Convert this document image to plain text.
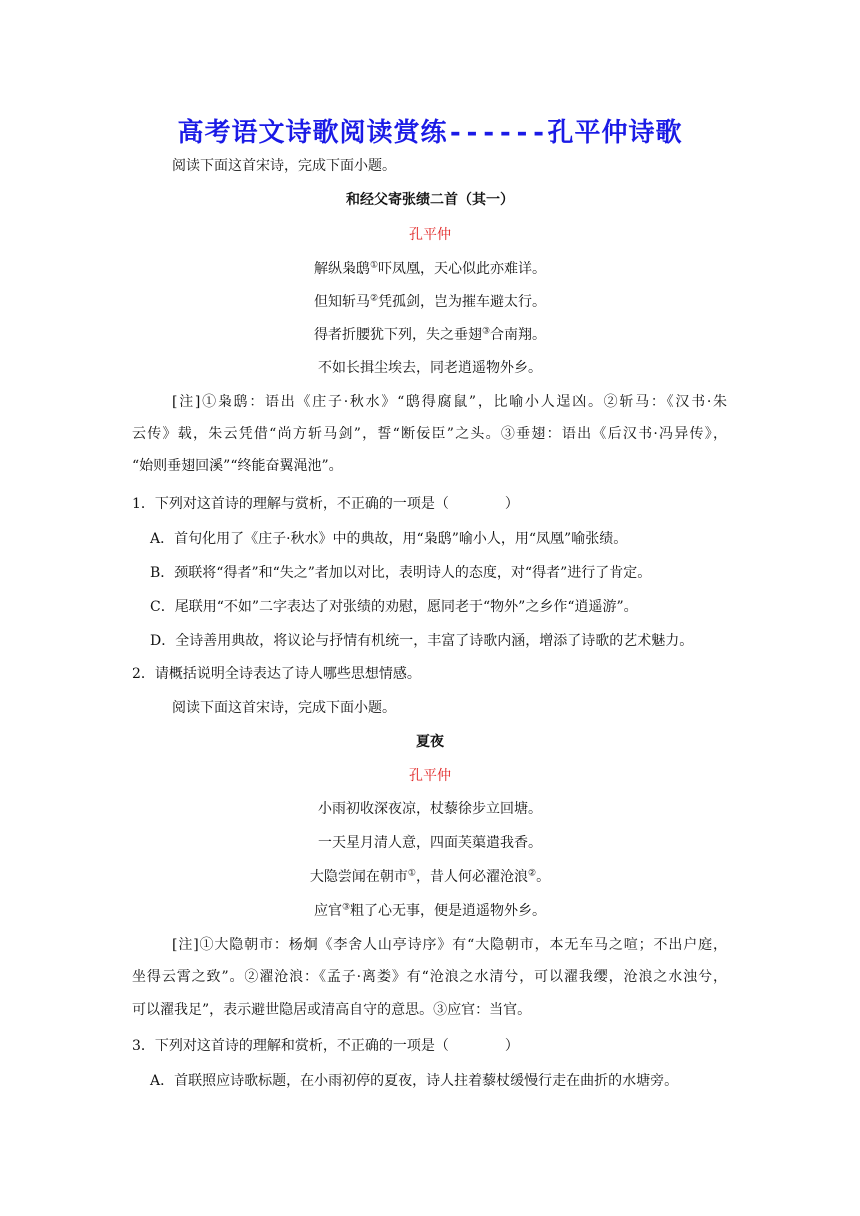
高考语文诗歌阅读赏练------孔平仲诗歌
阅读下面这首宋诗，完成下面小题。
和经父寄张绩二首（其一）
孔平仲
解纵枭鸱①吓凤凰，天心似此亦难详。
但知斩马②凭孤剑，岂为摧车避太行。
得者折腰犹下列，失之垂翅③合南翔。
不如长揖尘埃去，同老逍遥物外乡。
[注]①枭鸱：语出《庄子·秋水》“鸱得腐鼠”，比喻小人逞凶。②斩马：《汉书·朱
云传》载，朱云凭借“尚方斩马剑”，誓“断佞臣”之头。③垂翅：语出《后汉书·冯异传》，
“始则垂翅回溪”“终能奋翼渑池”。
1．下列对这首诗的理解与赏析，不正确的一项是（　　　　）
A．首句化用了《庄子·秋水》中的典故，用“枭鸱”喻小人，用“凤凰”喻张绩。
B．颈联将“得者”和“失之”者加以对比，表明诗人的态度，对“得者”进行了肯定。
C．尾联用“不如”二字表达了对张绩的劝慰，愿同老于“物外”之乡作“逍遥游”。
D．全诗善用典故，将议论与抒情有机统一，丰富了诗歌内涵，增添了诗歌的艺术魅力。
2．请概括说明全诗表达了诗人哪些思想情感。
阅读下面这首宋诗，完成下面小题。
夏夜
孔平仲
小雨初收深夜凉，杖藜徐步立回塘。
一天星月清人意，四面芙蕖遣我香。
大隐尝闻在朝市①，昔人何必濯沧浪②。
应官③粗了心无事，便是逍遥物外乡。
[注]①大隐朝市：杨炯《李舍人山亭诗序》有“大隐朝市，本无车马之喧；不出户庭，
坐得云霄之致”。②濯沧浪：《孟子·离娄》有“沧浪之水清兮，可以濯我缨，沧浪之水浊兮，
可以濯我足”，表示避世隐居或清高自守的意思。③应官：当官。
3．下列对这首诗的理解和赏析，不正确的一项是（　　　　）
A．首联照应诗歌标题，在小雨初停的夏夜，诗人拄着藜杖缓慢行走在曲折的水塘旁。
